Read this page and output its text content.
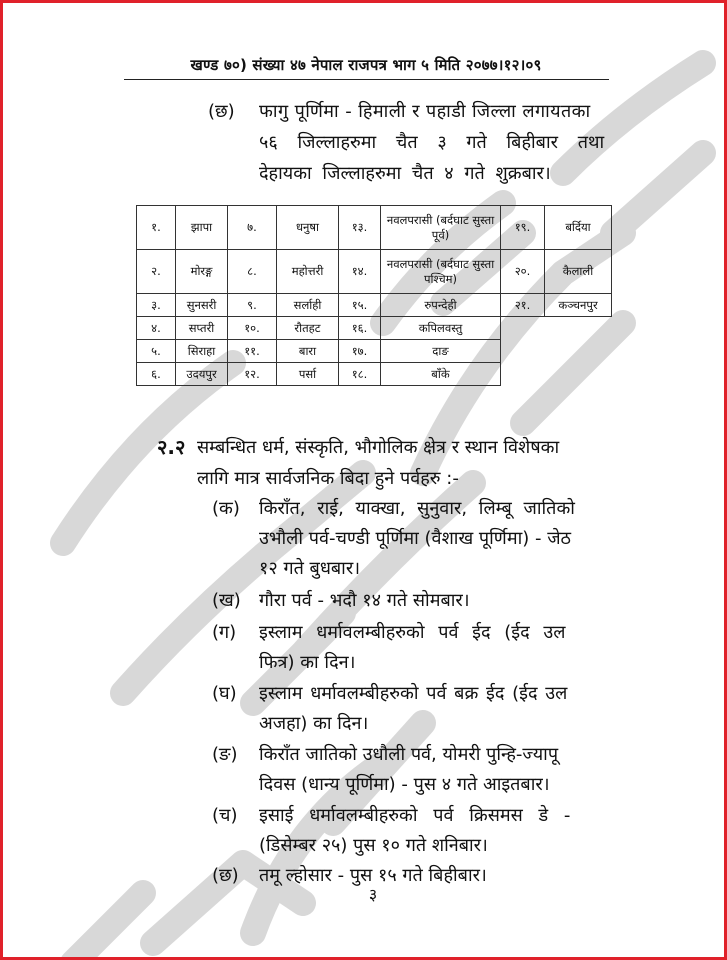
खण्ड ७०) संख्या ४७ नेपाल राजपत्र भाग ५ मिति २०७७।१२।०९
(छ) फागु पूर्णिमा - हिमाली र पहाडी जिल्ला लगायतका
५६ जिल्लाहरुमा चैत ३ गते बिहीबार तथा
देहायका जिल्लाहरुमा चैत ४ गते शुक्रबार।
१.	झापा	७.	धनुषा	१३.	नवलपरासी (बर्दघाट सुस्ता पूर्व)	१९.	बर्दिया
२.	मोरङ्ग	८.	महोत्तरी	१४.	नवलपरासी (बर्दघाट सुस्ता पश्चिम)	२०.	कैलाली
३.	सुनसरी	९.	सर्लाही	१५.	रुपन्देही	२१.	कञ्चनपुर
४.	सप्तरी	१०.	रौतहट	१६.	कपिलवस्तु		
५.	सिराहा	११.	बारा	१७.	दाङ		
६.	उदयपुर	१२.	पर्सा	१८.	बाँके		
२.२ सम्बन्धित धर्म, संस्कृति, भौगोलिक क्षेत्र र स्थान विशेषका
लागि मात्र सार्वजनिक बिदा हुने पर्वहरु :-
(क) किराँत, राई, याक्खा, सुनुवार, लिम्बू जातिको
उभौली पर्व-चण्डी पूर्णिमा (वैशाख पूर्णिमा) - जेठ
१२ गते बुधबार।
(ख) गौरा पर्व - भदौ १४ गते सोमबार।
(ग) इस्लाम धर्मावलम्बीहरुको पर्व ईद (ईद उल
फित्र) का दिन।
(घ) इस्लाम धर्मावलम्बीहरुको पर्व बक्र ईद (ईद उल
अजहा) का दिन।
(ङ) किराँत जातिको उधौली पर्व, योमरी पुन्हि-ज्यापू
दिवस (धान्य पूर्णिमा) - पुस ४ गते आइतबार।
(च) इसाई धर्मावलम्बीहरुको पर्व क्रिसमस डे -
(डिसेम्बर २५) पुस १० गते शनिबार।
(छ) तमू ल्होसार - पुस १५ गते बिहीबार।
३
